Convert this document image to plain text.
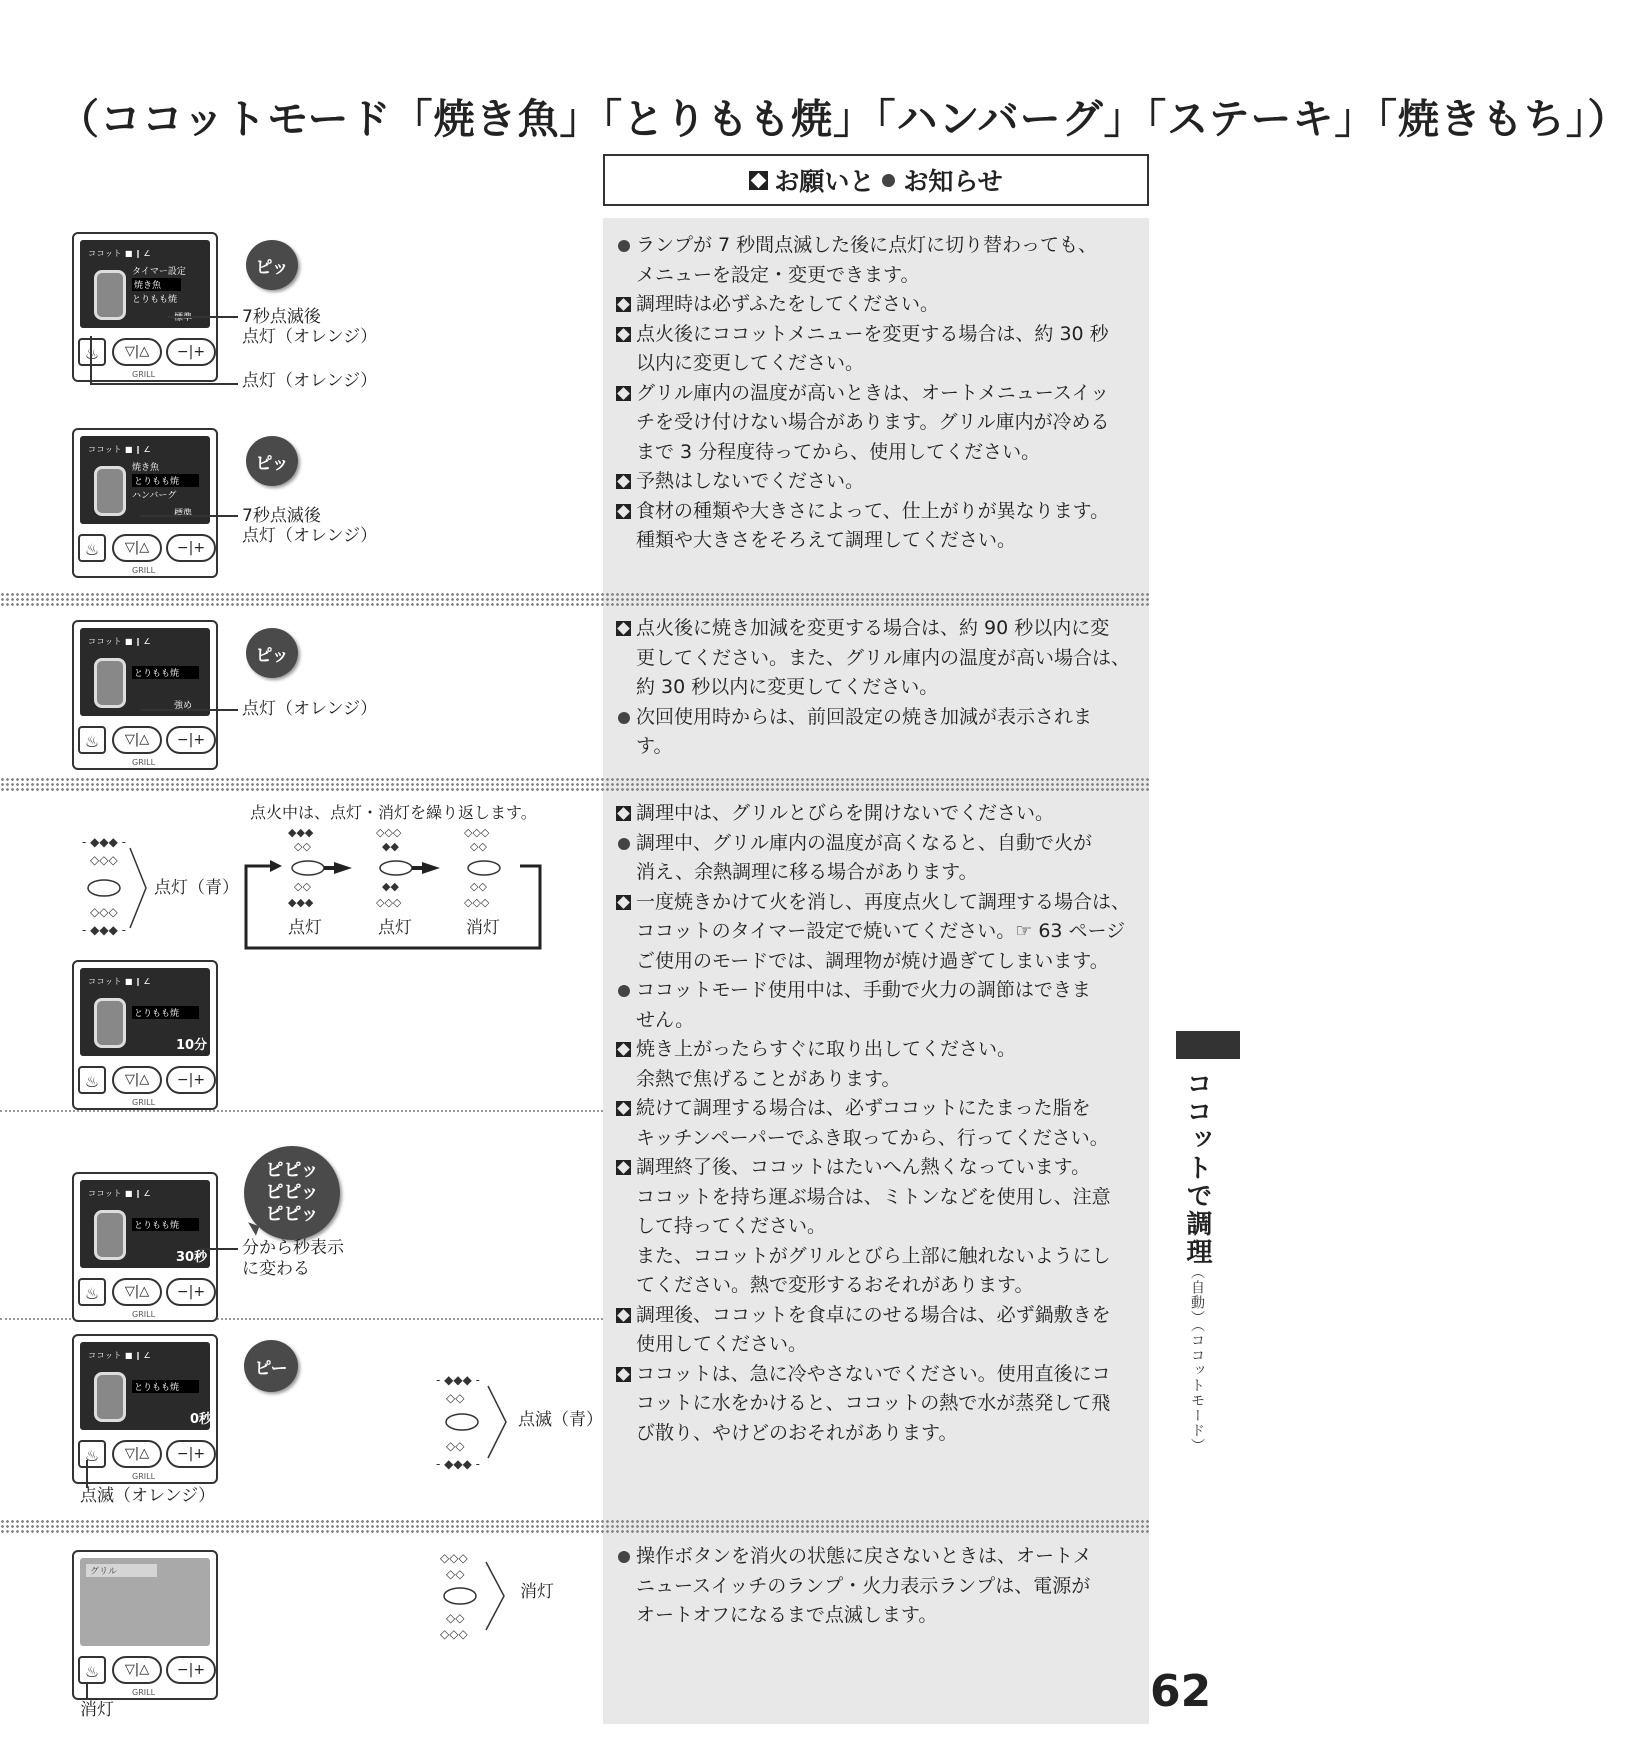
（ココットモード「焼き魚」「とりもも焼」「ハンバーグ」「ステーキ」「焼きもち」）
お願いと お知らせ
ランプが 7 秒間点滅した後に点灯に切り替わっても、
メニューを設定・変更できます。
調理時は必ずふたをしてください。
点火後にココットメニューを変更する場合は、約 30 秒
以内に変更してください。
グリル庫内の温度が高いときは、オートメニュースイッ
チを受け付けない場合があります。グリル庫内が冷める
まで 3 分程度待ってから、使用してください。
予熱はしないでください。
食材の種類や大きさによって、仕上がりが異なります。
種類や大きさをそろえて調理してください。
点火後に焼き加減を変更する場合は、約 90 秒以内に変
更してください。また、グリル庫内の温度が高い場合は、
約 30 秒以内に変更してください。
次回使用時からは、前回設定の焼き加減が表示されま
す。
調理中は、グリルとびらを開けないでください。
調理中、グリル庫内の温度が高くなると、自動で火が
消え、余熱調理に移る場合があります。
一度焼きかけて火を消し、再度点火して調理する場合は、
ココットのタイマー設定で焼いてください。☞ 63 ページ
ご使用のモードでは、調理物が焼け過ぎてしまいます。
ココットモード使用中は、手動で火力の調節はできま
せん。
焼き上がったらすぐに取り出してください。
余熱で焦げることがあります。
続けて調理する場合は、必ずココットにたまった脂を
キッチンペーパーでふき取ってから、行ってください。
調理終了後、ココットはたいへん熱くなっています。
ココットを持ち運ぶ場合は、ミトンなどを使用し、注意
して持ってください。
また、ココットがグリルとびら上部に触れないようにし
てください。熱で変形するおそれがあります。
調理後、ココットを食卓にのせる場合は、必ず鍋敷きを
使用してください。
ココットは、急に冷やさないでください。使用直後にコ
コットに水をかけると、ココットの熱で水が蒸発して飛
び散り、やけどのおそれがあります。
操作ボタンを消火の状態に戻さないときは、オートメ
ニュースイッチのランプ・火力表示ランプは、電源が
オートオフになるまで点滅します。
ココット ■ ∥ ∠
タイマー設定
焼き魚
とりもも焼
標準
♨	▽|△	−|+
GRILL
ピッ
7秒点滅後
点灯（オレンジ）
点灯（オレンジ）
ココット ■ ∥ ∠
焼き魚
とりもも焼
ハンバーグ
標準
♨	▽|△	−|+
GRILL
ピッ
7秒点滅後
点灯（オレンジ）
ココット ■ ∥ ∠
とりもも焼
強め
♨	▽|△	−|+
GRILL
ピッ
点灯（オレンジ）
点火中は、点灯・消灯を繰り返します。
- ◆◆◆ -
◇◇◇
◇◇◇
- ◆◆◆ -
◆◆◆
◇◇
◇◇
◆◆◆
◇◇◇
◆◆
◆◆
◇◇◇
◇◇◇
◇◇
◇◇
◇◇◇
点灯（青）
点灯	点灯	消灯
ココット ■ ∥ ∠
とりもも焼
10分
♨	▽|△	−|+
GRILL
ココット ■ ∥ ∠
とりもも焼
30秒
♨	▽|△	−|+
GRILL
ピピッ
ピピッ
ピピッ
分から秒表示
に変わる
ココット ■ ∥ ∠
とりもも焼
0秒
♨	▽|△	−|+
GRILL
ピー
点滅（オレンジ）
- ◆◆◆ -
◇◇
◇◇
- ◆◆◆ -
点滅（青）
グリル
♨	▽|△	−|+
GRILL
消灯
◇◇◇
◇◇
◇◇
◇◇◇
消灯
ココットで調理
（自動）（ココットモード）
62
